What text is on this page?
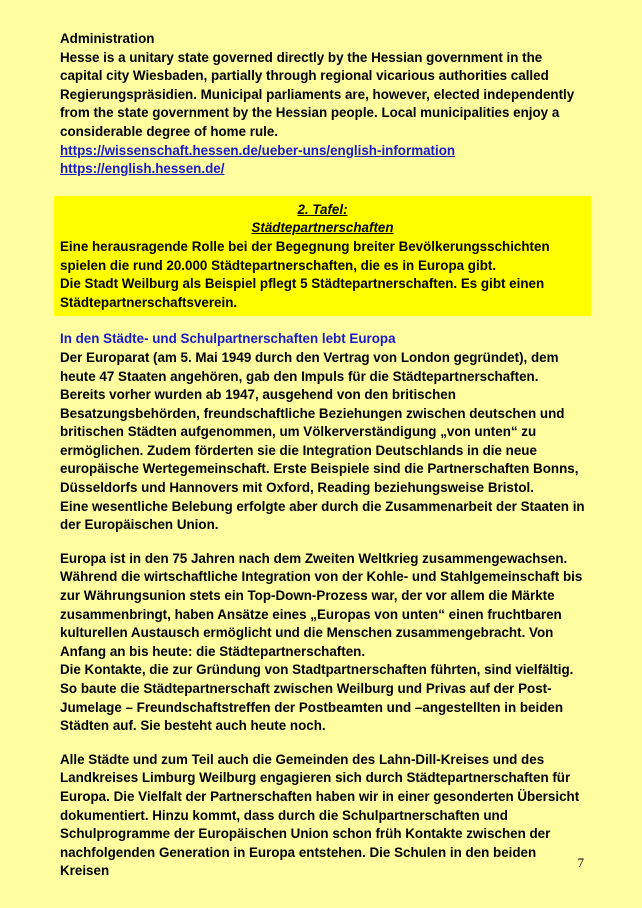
Administration

Hesse is a unitary state governed directly by the Hessian government in the capital city Wiesbaden, partially through regional vicarious authorities called Regierungspräsidien. Municipal parliaments are, however, elected independently from the state government by the Hessian people. Local municipalities enjoy a considerable degree of home rule.

https://wissenschaft.hessen.de/ueber-uns/english-information
https://english.hessen.de/

2. Tafel:

Städtepartnerschaften

Eine herausragende Rolle bei der Begegnung breiter Bevölkerungsschichten spielen die rund 20.000 Städtepartnerschaften, die es in Europa gibt.

Die Stadt Weilburg als Beispiel pflegt 5 Städtepartnerschaften. Es gibt einen Städtepartnerschaftsverein.

In den Städte- und Schulpartnerschaften lebt Europa

Der Europarat (am 5. Mai 1949 durch den Vertrag von London gegründet), dem heute 47 Staaten angehören, gab den Impuls für die Städtepartnerschaften. Bereits vorher wurden ab 1947, ausgehend von den britischen Besatzungsbehörden, freundschaftliche Beziehungen zwischen deutschen und britischen Städten aufgenommen, um Völkerverständigung „von unten“ zu ermöglichen. Zudem förderten sie die Integration Deutschlands in die neue europäische Wertegemeinschaft. Erste Beispiele sind die Partnerschaften Bonns, Düsseldorfs und Hannovers mit Oxford, Reading beziehungsweise Bristol.

Eine wesentliche Belebung erfolgte aber durch die Zusammenarbeit der Staaten in der Europäischen Union.

Europa ist in den 75 Jahren nach dem Zweiten Weltkrieg zusammengewachsen. Während die wirtschaftliche Integration von der Kohle- und Stahlgemeinschaft bis zur Währungsunion stets ein Top-Down-Prozess war, der vor allem die Märkte zusammenbringt, haben Ansätze eines „Europas von unten“ einen fruchtbaren kulturellen Austausch ermöglicht und die Menschen zusammengebracht. Von Anfang an bis heute: die Städtepartnerschaften.

Die Kontakte, die zur Gründung von Stadtpartnerschaften führten, sind vielfältig. So baute die Städtepartnerschaft zwischen Weilburg und Privas auf der Post-Jumelage – Freundschaftstreffen der Postbeamten und –angestellten in beiden Städten auf. Sie besteht auch heute noch.

Alle Städte und zum Teil auch die Gemeinden des Lahn-Dill-Kreises und des Landkreises Limburg Weilburg engagieren sich durch Städtepartnerschaften für Europa. Die Vielfalt der Partnerschaften haben wir in einer gesonderten Übersicht dokumentiert. Hinzu kommt, dass durch die Schulpartnerschaften und Schulprogramme der Europäischen Union schon früh Kontakte zwischen der nachfolgenden Generation in Europa entstehen. Die Schulen in den beiden Kreisen

7
